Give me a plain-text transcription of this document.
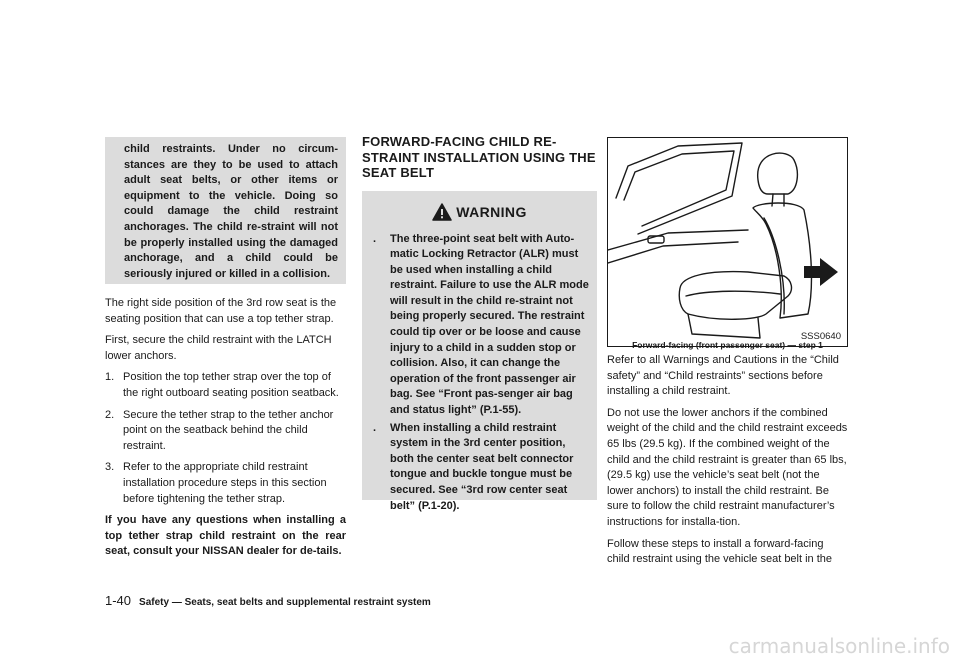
child restraints. Under no circum-stances are they to be used to attach adult seat belts, or other items or equipment to the vehicle. Doing so could damage the child restraint anchorages. The child re-straint will not be properly installed using the damaged anchorage, and a child could be seriously injured or killed in a collision.

The right side position of the 3rd row seat is the seating position that can use a top tether strap.

First, secure the child restraint with the LATCH lower anchors.

1. Position the top tether strap over the top of the right outboard seating position seatback.
2. Secure the tether strap to the tether anchor point on the seatback behind the child restraint.
3. Refer to the appropriate child restraint installation procedure steps in this section before tightening the tether strap.

If you have any questions when installing a top tether strap child restraint on the rear seat, consult your NISSAN dealer for de-tails.

FORWARD-FACING CHILD RE-
STRAINT INSTALLATION USING THE
SEAT BELT
WARNING
.	The three-point seat belt with Auto-matic Locking Retractor (ALR) must be used when installing a child restraint. Failure to use the ALR mode will result in the child re-straint not being properly secured. The restraint could tip over or be loose and cause injury to a child in a sudden stop or collision. Also, it can change the operation of the front passenger air bag. See “Front pas-senger air bag and status light” (P.1-55).
.	When installing a child restraint system in the 3rd center position, both the center seat belt connector tongue and buckle tongue must be secured. See “3rd row center seat belt” (P.1-20).
SSS0640
Forward-facing (front passenger seat) — step 1

Refer to all Warnings and Cautions in the “Child safety” and “Child restraints” sections before installing a child restraint.

Do not use the lower anchors if the combined weight of the child and the child restraint exceeds 65 lbs (29.5 kg). If the combined weight of the child and the child restraint is greater than 65 lbs, (29.5 kg) use the vehicle’s seat belt (not the lower anchors) to install the child restraint. Be sure to follow the child restraint manufacturer’s instructions for installa-tion.

Follow these steps to install a forward-facing child restraint using the vehicle seat belt in the

1-40 Safety — Seats, seat belts and supplemental restraint system
carmanualsonline.info
